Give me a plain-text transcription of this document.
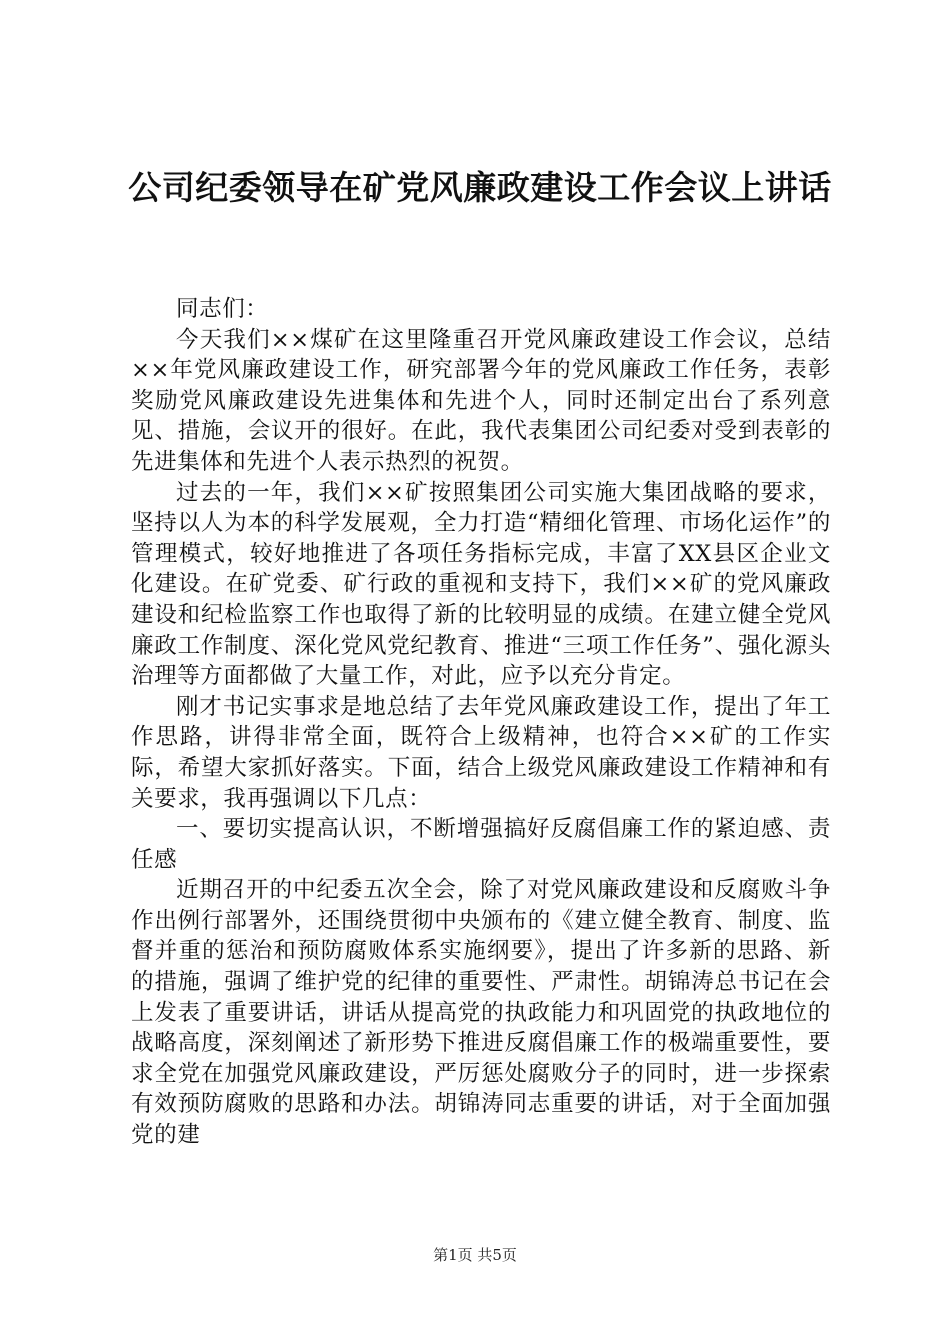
公司纪委领导在矿党风廉政建设工作会议上讲话

同志们：

今天我们××煤矿在这里隆重召开党风廉政建设工作会议，总结××年党风廉政建设工作，研究部署今年的党风廉政工作任务，表彰奖励党风廉政建设先进集体和先进个人，同时还制定出台了系列意见、措施，会议开的很好。在此，我代表集团公司纪委对受到表彰的先进集体和先进个人表示热烈的祝贺。

过去的一年，我们××矿按照集团公司实施大集团战略的要求，坚持以人为本的科学发展观，全力打造“精细化管理、市场化运作”的管理模式，较好地推进了各项任务指标完成，丰富了XX县区企业文化建设。在矿党委、矿行政的重视和支持下，我们××矿的党风廉政建设和纪检监察工作也取得了新的比较明显的成绩。在建立健全党风廉政工作制度、深化党风党纪教育、推进“三项工作任务”、强化源头治理等方面都做了大量工作，对此，应予以充分肯定。

刚才书记实事求是地总结了去年党风廉政建设工作，提出了年工作思路，讲得非常全面，既符合上级精神，也符合××矿的工作实际，希望大家抓好落实。下面，结合上级党风廉政建设工作精神和有关要求，我再强调以下几点：

一、要切实提高认识，不断增强搞好反腐倡廉工作的紧迫感、责任感

近期召开的中纪委五次全会，除了对党风廉政建设和反腐败斗争作出例行部署外，还围绕贯彻中央颁布的《建立健全教育、制度、监督并重的惩治和预防腐败体系实施纲要》，提出了许多新的思路、新的措施，强调了维护党的纪律的重要性、严肃性。胡锦涛总书记在会上发表了重要讲话，讲话从提高党的执政能力和巩固党的执政地位的战略高度，深刻阐述了新形势下推进反腐倡廉工作的极端重要性，要求全党在加强党风廉政建设，严厉惩处腐败分子的同时，进一步探索有效预防腐败的思路和办法。胡锦涛同志重要的讲话，对于全面加强党的建

第1页 共5页
